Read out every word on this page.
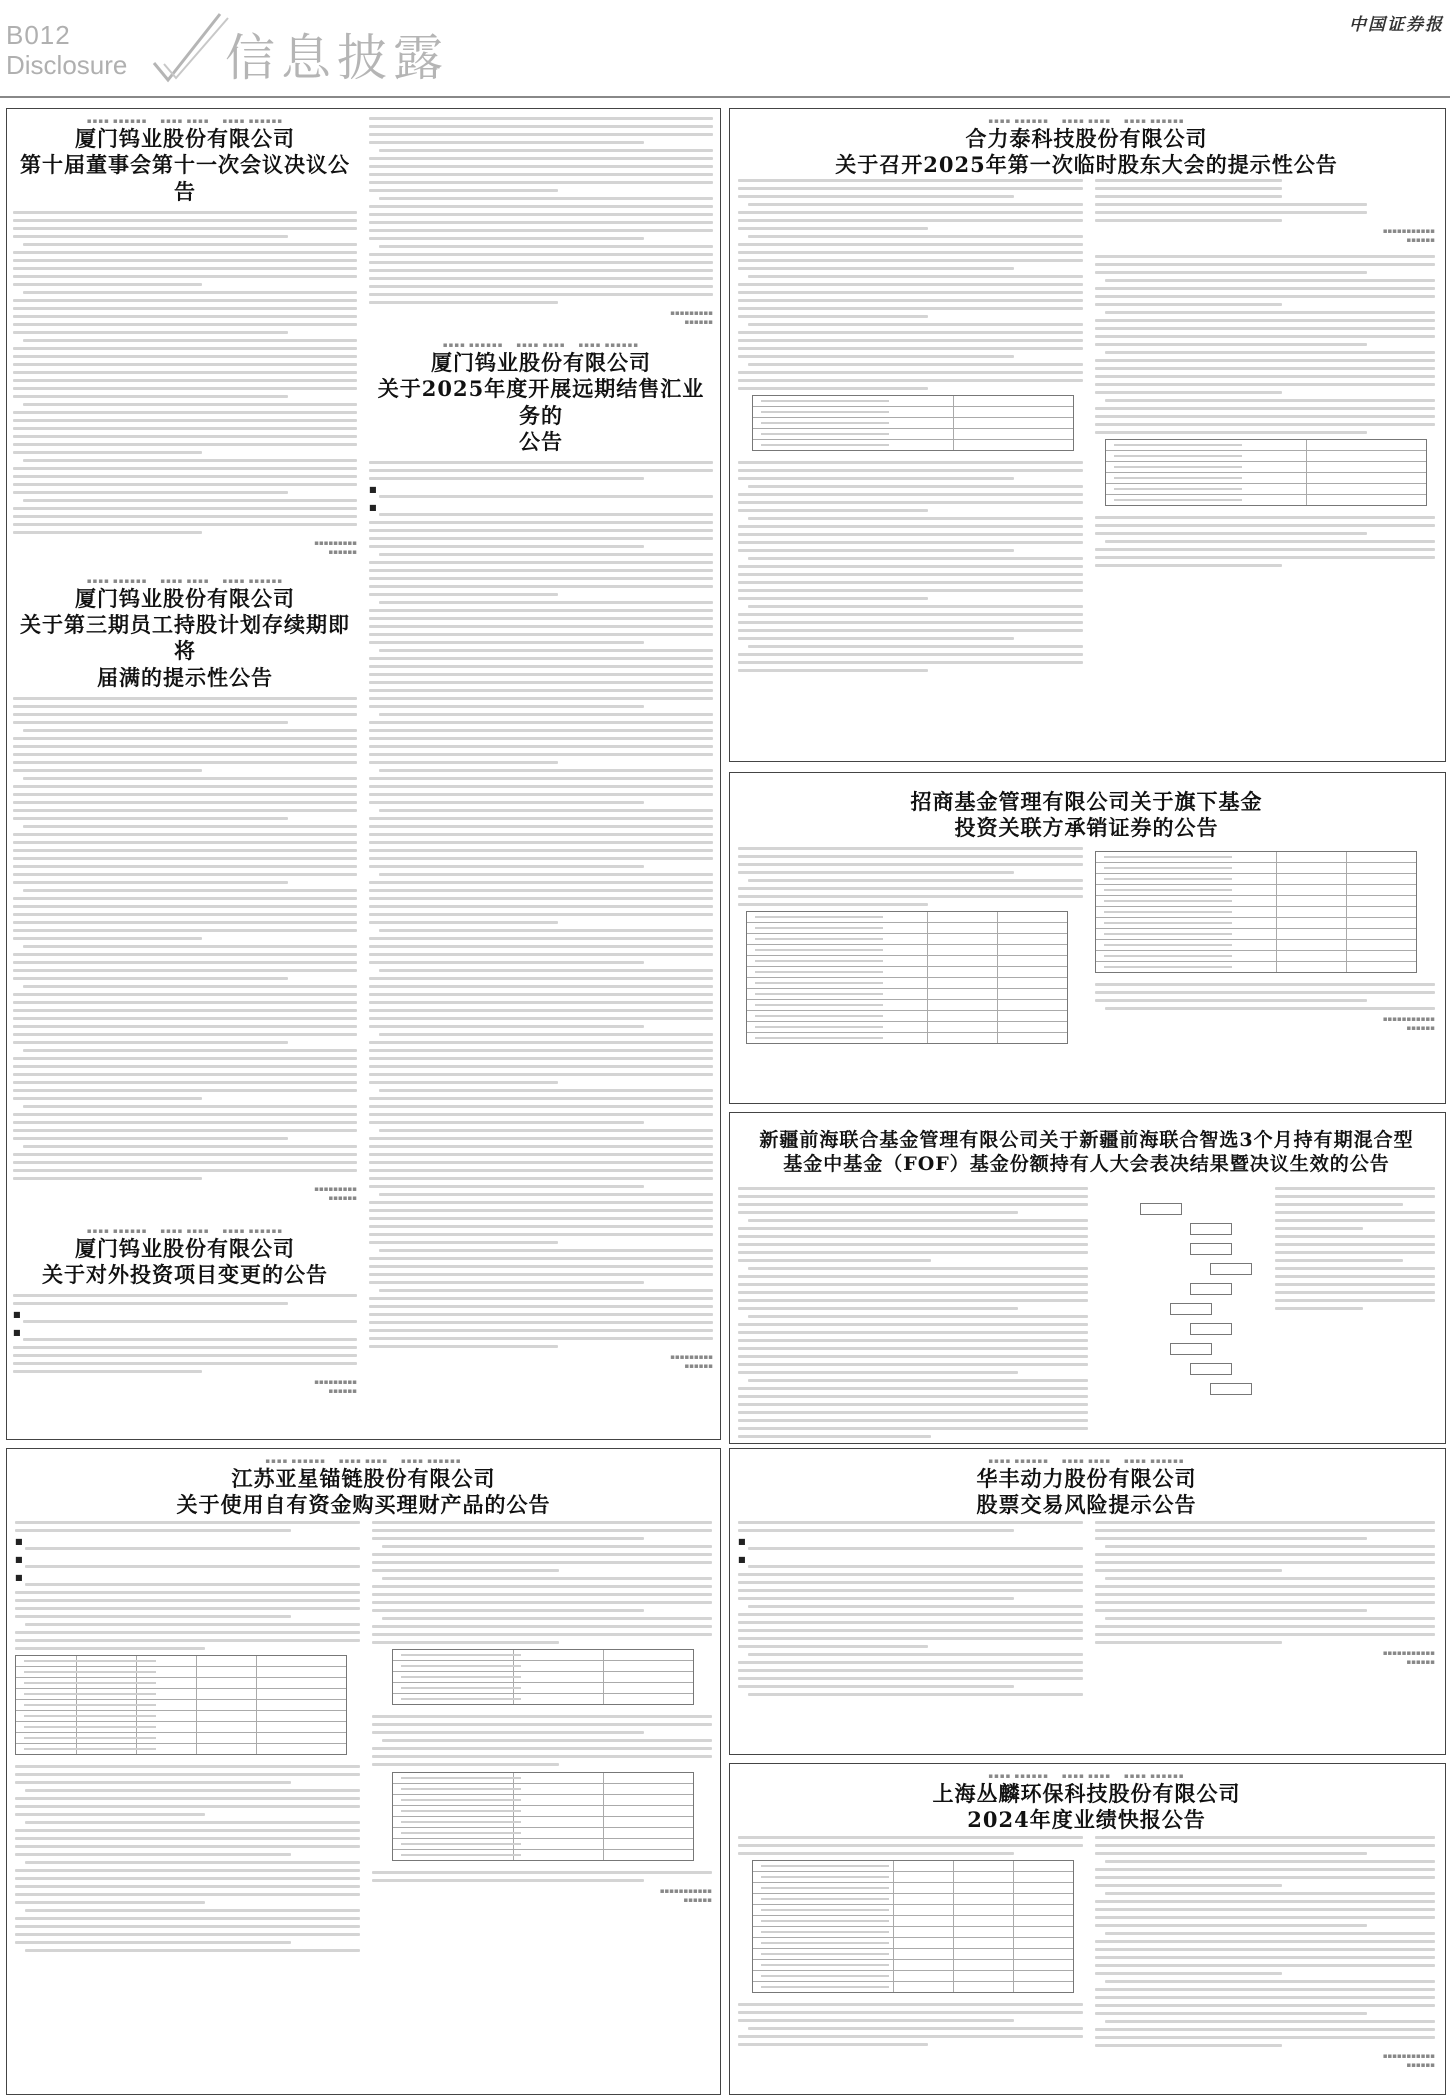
B012
Disclosure 信息披露
中国证券报
▪▪▪▪ ▪▪▪▪▪▪    ▪▪▪▪ ▪▪▪▪    ▪▪▪▪ ▪▪▪▪▪▪
厦门钨业股份有限公司
第十届董事会第十一次会议决议公告
▪▪▪▪▪▪▪▪▪
▪▪▪▪▪▪
▪▪▪▪ ▪▪▪▪▪▪    ▪▪▪▪ ▪▪▪▪    ▪▪▪▪ ▪▪▪▪▪▪
厦门钨业股份有限公司
关于第三期员工持股计划存续期即将
届满的提示性公告
▪▪▪▪▪▪▪▪▪
▪▪▪▪▪▪
▪▪▪▪ ▪▪▪▪▪▪    ▪▪▪▪ ▪▪▪▪    ▪▪▪▪ ▪▪▪▪▪▪
厦门钨业股份有限公司
关于对外投资项目变更的公告
■
■
▪▪▪▪▪▪▪▪▪
▪▪▪▪▪▪
▪▪▪▪▪▪▪▪▪
▪▪▪▪▪▪
▪▪▪▪ ▪▪▪▪▪▪    ▪▪▪▪ ▪▪▪▪    ▪▪▪▪ ▪▪▪▪▪▪
厦门钨业股份有限公司
关于2025年度开展远期结售汇业务的
公告
■
■
▪▪▪▪▪▪▪▪▪
▪▪▪▪▪▪
▪▪▪▪ ▪▪▪▪▪▪    ▪▪▪▪ ▪▪▪▪    ▪▪▪▪ ▪▪▪▪▪▪
合力泰科技股份有限公司
关于召开2025年第一次临时股东大会的提示性公告
▪▪▪▪▪▪▪▪▪▪▪
▪▪▪▪▪▪
招商基金管理有限公司关于旗下基金
投资关联方承销证券的公告
▪▪▪▪▪▪▪▪▪▪▪
▪▪▪▪▪▪
新疆前海联合基金管理有限公司关于新疆前海联合智选3个月持有期混合型
基金中基金（FOF）基金份额持有人大会表决结果暨决议生效的公告
▪▪▪▪ ▪▪▪▪▪▪    ▪▪▪▪ ▪▪▪▪    ▪▪▪▪ ▪▪▪▪▪▪
江苏亚星锚链股份有限公司
关于使用自有资金购买理财产品的公告
■
■
■
▪▪▪▪▪▪▪▪▪▪▪
▪▪▪▪▪▪
▪▪▪▪ ▪▪▪▪▪▪    ▪▪▪▪ ▪▪▪▪    ▪▪▪▪ ▪▪▪▪▪▪
华丰动力股份有限公司
股票交易风险提示公告
■
■
▪▪▪▪▪▪▪▪▪▪▪
▪▪▪▪▪▪
▪▪▪▪ ▪▪▪▪▪▪    ▪▪▪▪ ▪▪▪▪    ▪▪▪▪ ▪▪▪▪▪▪
上海丛麟环保科技股份有限公司
2024年度业绩快报公告
▪▪▪▪▪▪▪▪▪▪▪
▪▪▪▪▪▪
